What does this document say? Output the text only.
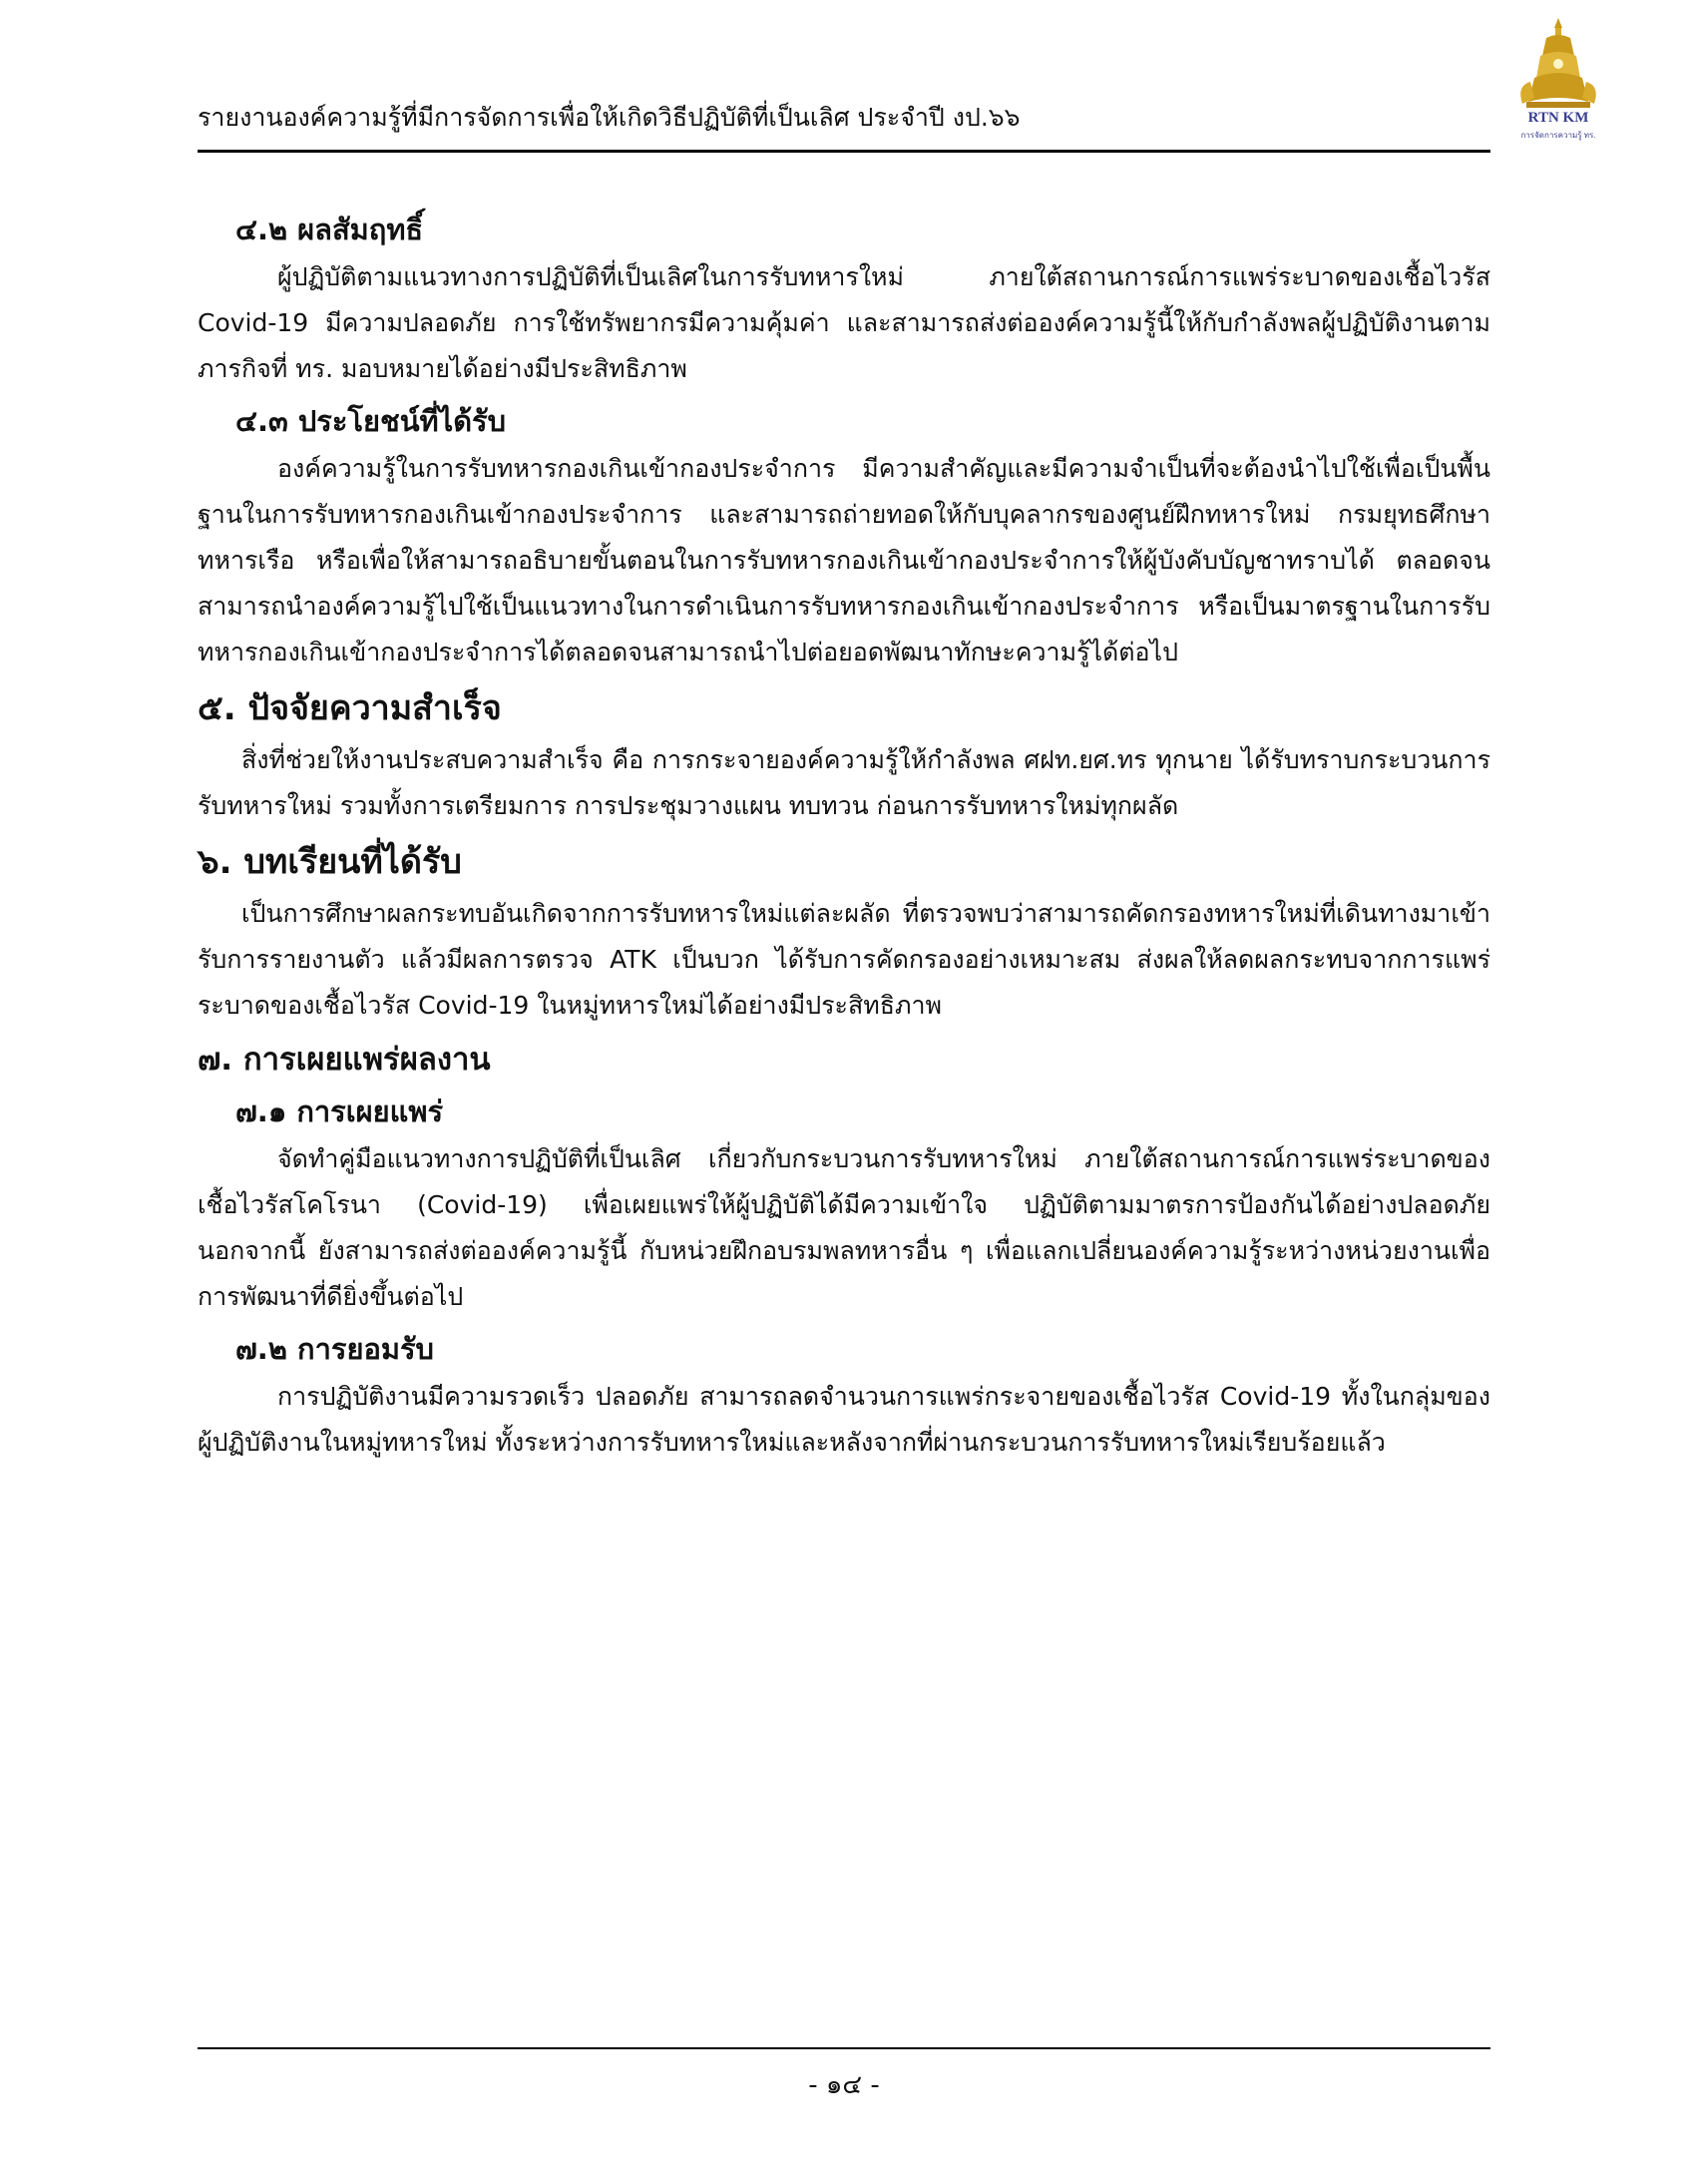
รายงานองค์ความรู้ที่มีการจัดการเพื่อให้เกิดวิธีปฏิบัติที่เป็นเลิศ ประจำปี งป.๖๖	RTN KM
การจัดการความรู้ ทร.

๔.๒ ผลสัมฤทธิ์

ผู้ปฏิบัติตามแนวทางการปฏิบัติที่เป็นเลิศในการรับทหารใหม่ ภายใต้สถานการณ์การแพร่ระบาดของเชื้อไวรัส Covid-19 มีความปลอดภัย การใช้ทรัพยากรมีความคุ้มค่า และสามารถส่งต่อองค์ความรู้นี้ให้กับกำลังพลผู้ปฏิบัติงานตามภารกิจที่ ทร. มอบหมายได้อย่างมีประสิทธิภาพ

๔.๓ ประโยชน์ที่ได้รับ

องค์ความรู้ในการรับทหารกองเกินเข้ากองประจำการ มีความสำคัญและมีความจำเป็นที่จะต้องนำไปใช้เพื่อเป็นพื้นฐานในการรับทหารกองเกินเข้ากองประจำการ และสามารถถ่ายทอดให้กับบุคลากรของศูนย์ฝึกทหารใหม่ กรมยุทธศึกษาทหารเรือ หรือเพื่อให้สามารถอธิบายขั้นตอนในการรับทหารกองเกินเข้ากองประจำการให้ผู้บังคับบัญชาทราบได้ ตลอดจนสามารถนำองค์ความรู้ไปใช้เป็นแนวทางในการดำเนินการรับทหารกองเกินเข้ากองประจำการ หรือเป็นมาตรฐานในการรับทหารกองเกินเข้ากองประจำการได้ตลอดจนสามารถนำไปต่อยอดพัฒนาทักษะความรู้ได้ต่อไป

๕. ปัจจัยความสำเร็จ

สิ่งที่ช่วยให้งานประสบความสำเร็จ คือ การกระจายองค์ความรู้ให้กำลังพล ศฝท.ยศ.ทร ทุกนาย ได้รับทราบกระบวนการรับทหารใหม่ รวมทั้งการเตรียมการ การประชุมวางแผน ทบทวน ก่อนการรับทหารใหม่ทุกผลัด

๖. บทเรียนที่ได้รับ

เป็นการศึกษาผลกระทบอันเกิดจากการรับทหารใหม่แต่ละผลัด ที่ตรวจพบว่าสามารถคัดกรองทหารใหม่ที่เดินทางมาเข้ารับการรายงานตัว แล้วมีผลการตรวจ ATK เป็นบวก ได้รับการคัดกรองอย่างเหมาะสม ส่งผลให้ลดผลกระทบจากการแพร่ระบาดของเชื้อไวรัส Covid-19 ในหมู่ทหารใหม่ได้อย่างมีประสิทธิภาพ

๗. การเผยแพร่ผลงาน

๗.๑ การเผยแพร่

จัดทำคู่มือแนวทางการปฏิบัติที่เป็นเลิศ เกี่ยวกับกระบวนการรับทหารใหม่ ภายใต้สถานการณ์การแพร่ระบาดของเชื้อไวรัสโคโรนา (Covid-19) เพื่อเผยแพร่ให้ผู้ปฏิบัติได้มีความเข้าใจ ปฏิบัติตามมาตรการป้องกันได้อย่างปลอดภัย นอกจากนี้ ยังสามารถส่งต่อองค์ความรู้นี้ กับหน่วยฝึกอบรมพลทหารอื่น ๆ เพื่อแลกเปลี่ยนองค์ความรู้ระหว่างหน่วยงานเพื่อการพัฒนาที่ดียิ่งขึ้นต่อไป

๗.๒ การยอมรับ

การปฏิบัติงานมีความรวดเร็ว ปลอดภัย สามารถลดจำนวนการแพร่กระจายของเชื้อไวรัส Covid-19 ทั้งในกลุ่มของผู้ปฏิบัติงานในหมู่ทหารใหม่ ทั้งระหว่างการรับทหารใหม่และหลังจากที่ผ่านกระบวนการรับทหารใหม่เรียบร้อยแล้ว

- ๑๔ -
